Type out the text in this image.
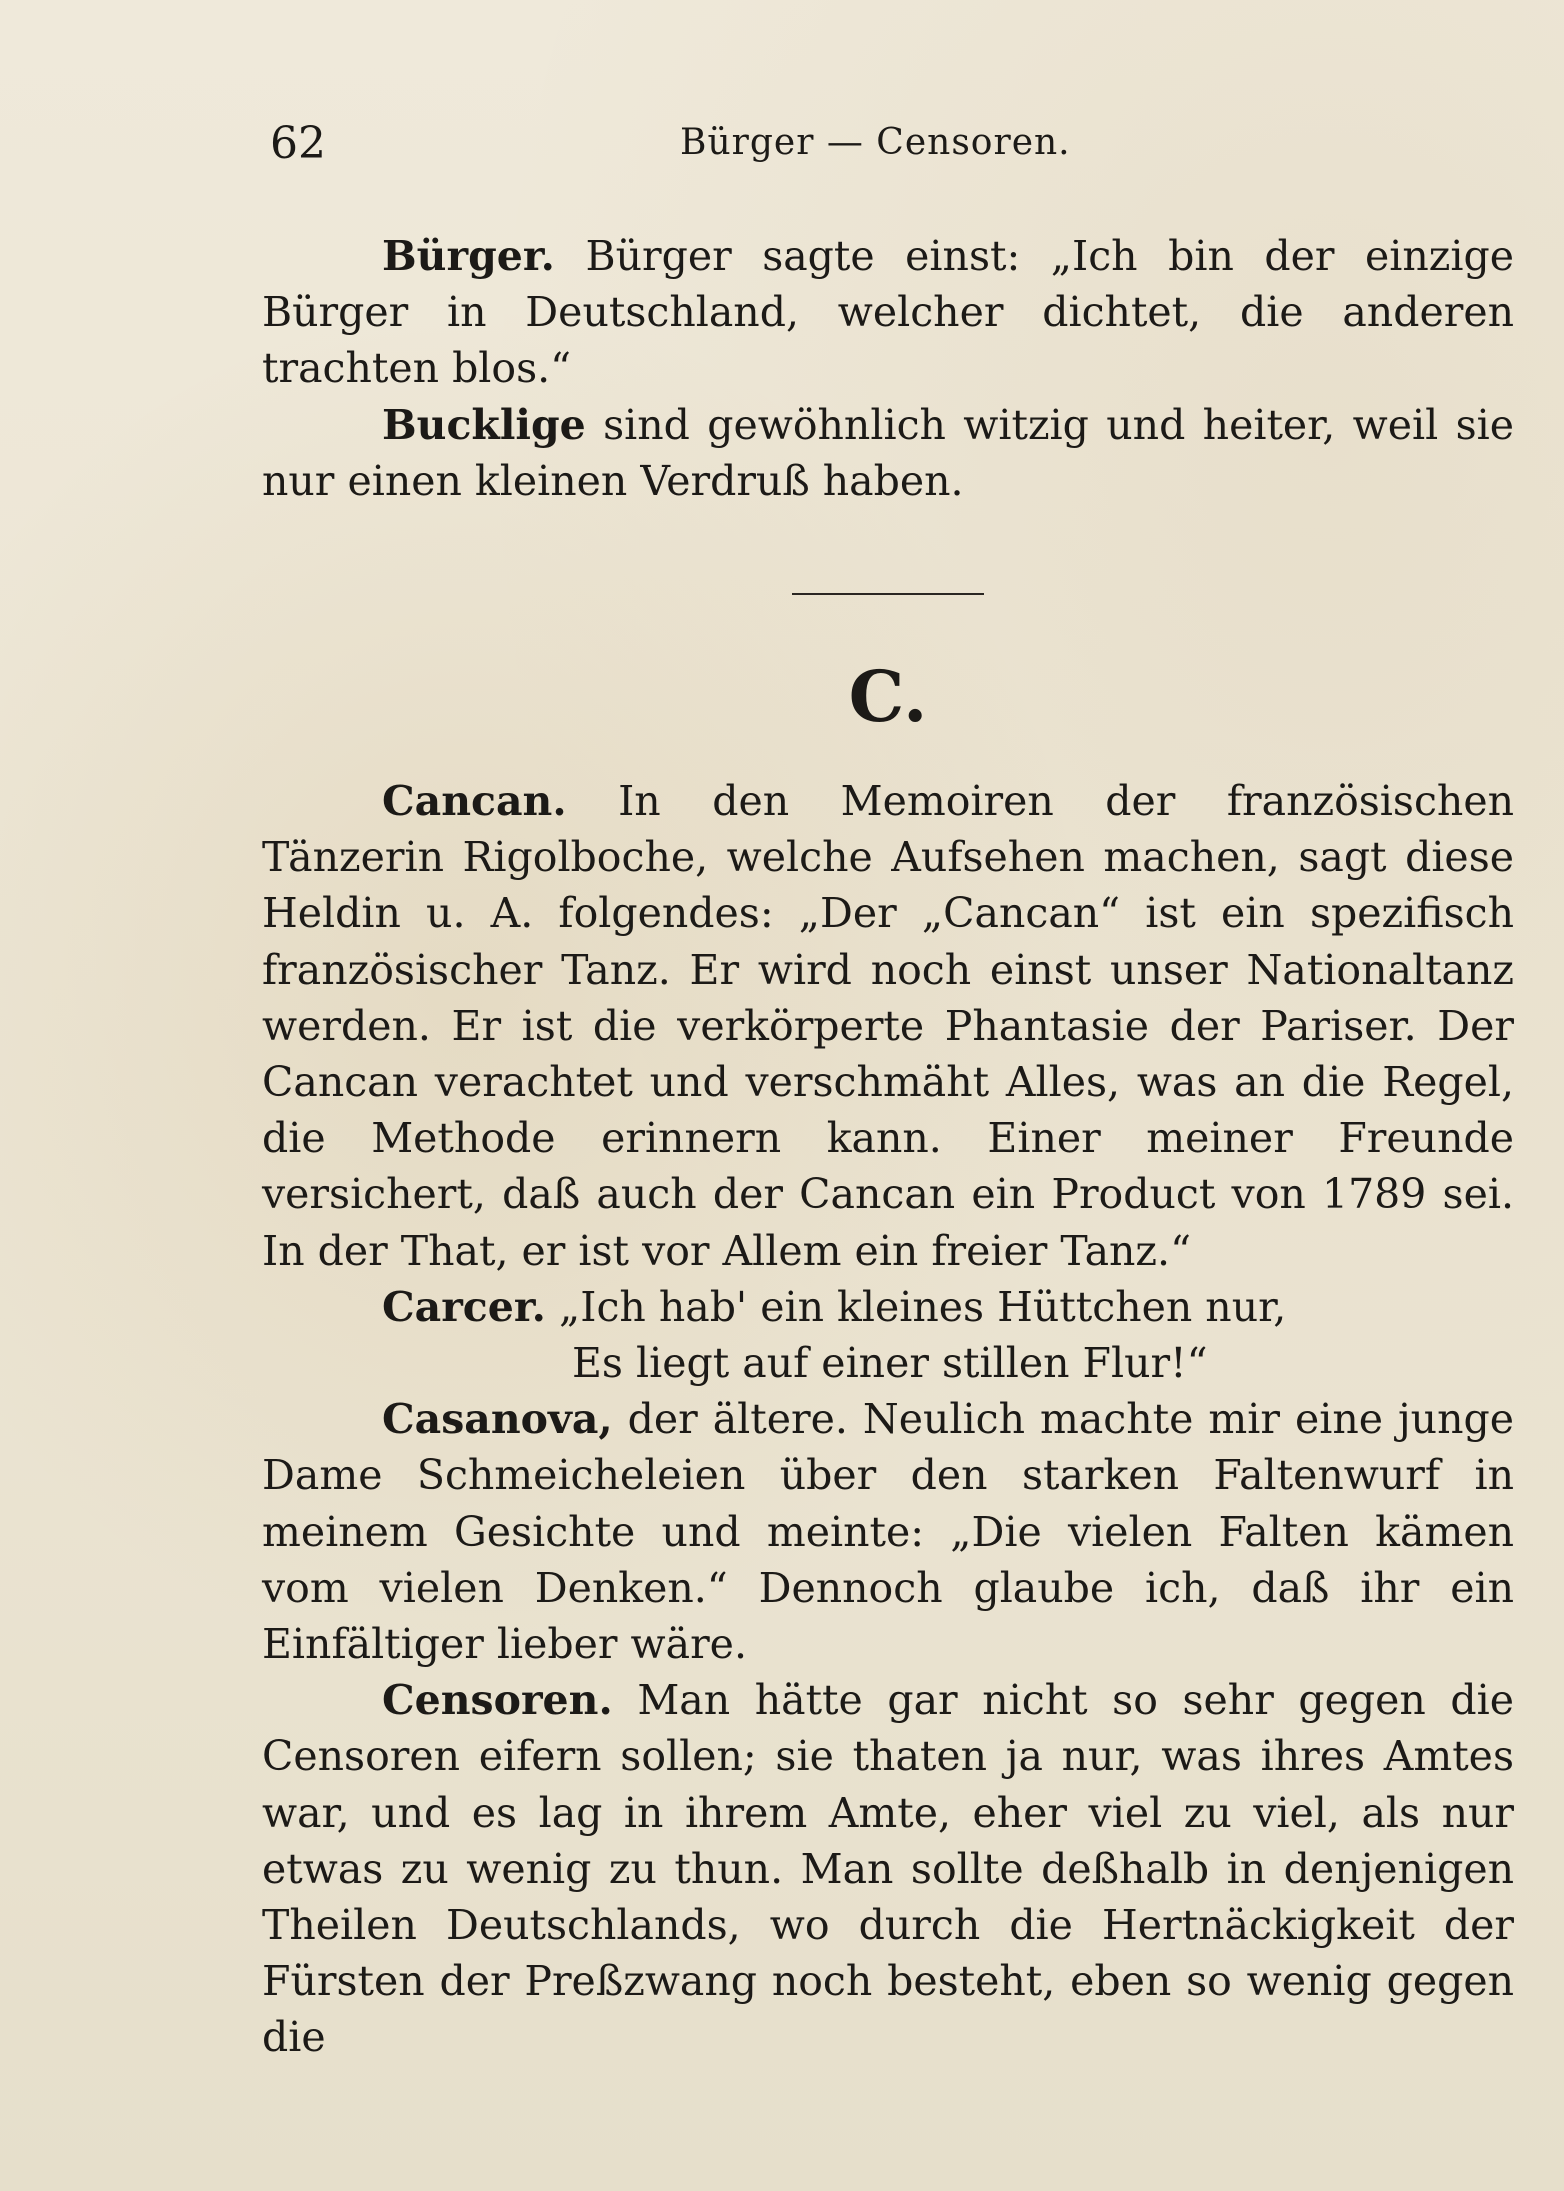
62	Bürger — Censoren.

Bürger. Bürger sagte einst: „Ich bin der einzige Bürger in Deutschland, welcher dichtet, die anderen trachten blos.“

Bucklige sind gewöhnlich witzig und heiter, weil sie nur einen kleinen Verdruß haben.

C.

Cancan. In den Memoiren der französischen Tänzerin Rigolboche, welche Aufsehen machen, sagt diese Heldin u. A. folgendes: „Der „Cancan“ ist ein spezifisch französischer Tanz. Er wird noch einst unser Nationaltanz werden. Er ist die verkörperte Phantasie der Pariser. Der Cancan verachtet und verschmäht Alles, was an die Regel, die Methode erinnern kann. Einer meiner Freunde versichert, daß auch der Cancan ein Product von 1789 sei. In der That, er ist vor Allem ein freier Tanz.“

Carcer. „Ich hab' ein kleines Hüttchen nur,

Es liegt auf einer stillen Flur!“

Casanova, der ältere. Neulich machte mir eine junge Dame Schmeicheleien über den starken Faltenwurf in meinem Gesichte und meinte: „Die vielen Falten kämen vom vielen Denken.“ Dennoch glaube ich, daß ihr ein Einfältiger lieber wäre.

Censoren. Man hätte gar nicht so sehr gegen die Censoren eifern sollen; sie thaten ja nur, was ihres Amtes war, und es lag in ihrem Amte, eher viel zu viel, als nur etwas zu wenig zu thun. Man sollte deßhalb in denjenigen Theilen Deutschlands, wo durch die Hertnäckigkeit der Fürsten der Preßzwang noch besteht, eben so wenig gegen die
